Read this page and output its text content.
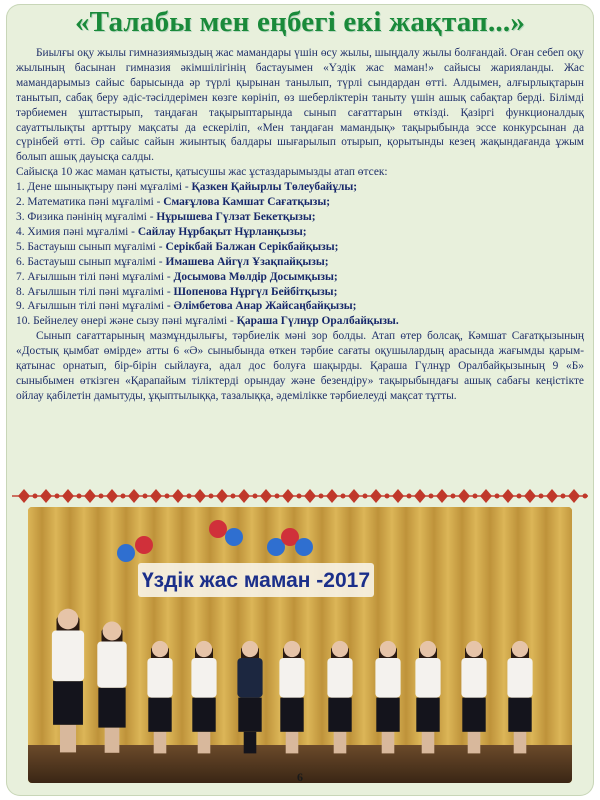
«Талабы мен еңбегі екі жақтап...»

Биылғы оқу жылы гимназиямыздың жас мамандары үшін өсу жылы, шыңдалу жылы болғандай. Оған себеп оқу жылының басынан гимназия әкімшілігінің бастауымен «Үздік жас маман!» сайысы жарияланды. Жас мамандарымыз сайыс барысында әр түрлі қырынан танылып, түрлі сындардан өтті. Алдымен, алғырлықтарын танытып, сабақ беру әдіс-тәсілдерімен көзге көрініп, өз шеберліктерін таныту үшін ашық сабақтар берді. Білімді тәрбиемен ұштастырып, таңдаған тақырыптарында сынып сағаттарын өткізді. Қазіргі функционалдық сауаттылықты арттыру мақсаты да ескеріліп, «Мен таңдаған мамандық» тақырыбында эссе конкурсынан да сүрінбей өтті. Әр сайыс сайын жиынтық балдары шығарылып отырып, қорытынды кезең жақындағанда ұжым болып ашық дауысқа салды.

Сайысқа 10 жас маман қатысты, қатысушы жас ұстаздарымызды атап өтсек:

1. Дене шынықтыру пәні мұғалімі - Қазкен Қайырлы Төлеубайұлы;
2. Математика пәні мұғалімі - Смағұлова Камшат Сағатқызы;
3. Физика пәнінің мұғалімі - Нұрышева Гүлзат Бекетқызы;
4. Химия пәні мұғалімі - Сайлау Нұрбақыт Нұрланқызы;
5. Бастауыш сынып мұғалімі - Серікбай Балжан Серікбайқызы;
6. Бастауыш сынып мұғалімі - Имашева Айгүл Ұзақпайқызы;
7. Ағылшын тілі пәні мұғалімі - Досымова Мөлдір Досымқызы;
8. Ағылшын тілі пәні мұғалімі - Шопенова Нұргүл Бейбітқызы;
9. Ағылшын тілі пәні мұғалімі - Әлімбетова Анар Жайсаңбайқызы;
10. Бейнелеу өнері және сызу пәні мұғалімі - Қараша Гүлнұр Оралбайқызы.

Сынып сағаттарының мазмұндылығы, тәрбиелік мәні зор болды. Атап өтер болсақ, Кәмшат Сағатқызының «Достық қымбат өмірде» атты 6 «Ә» сыныбында өткен тәрбие сағаты оқушылардың арасында жағымды қарым-қатынас орнатып, бір-бірін сыйлауға, адал дос болуға шақырды. Қараша Гүлнұр Оралбайқызының 9 «Б» сыныбымен өткізген «Қарапайым тіліктерді орындау және безендіру» тақырыбындағы ашық сабағы кеңістікте ойлау қабілетін дамытуды, ұқыптылыққа, тазалыққа, әдемілікке тәрбиелеуді мақсат тұтты.

Үздік жас маман -2017
6
